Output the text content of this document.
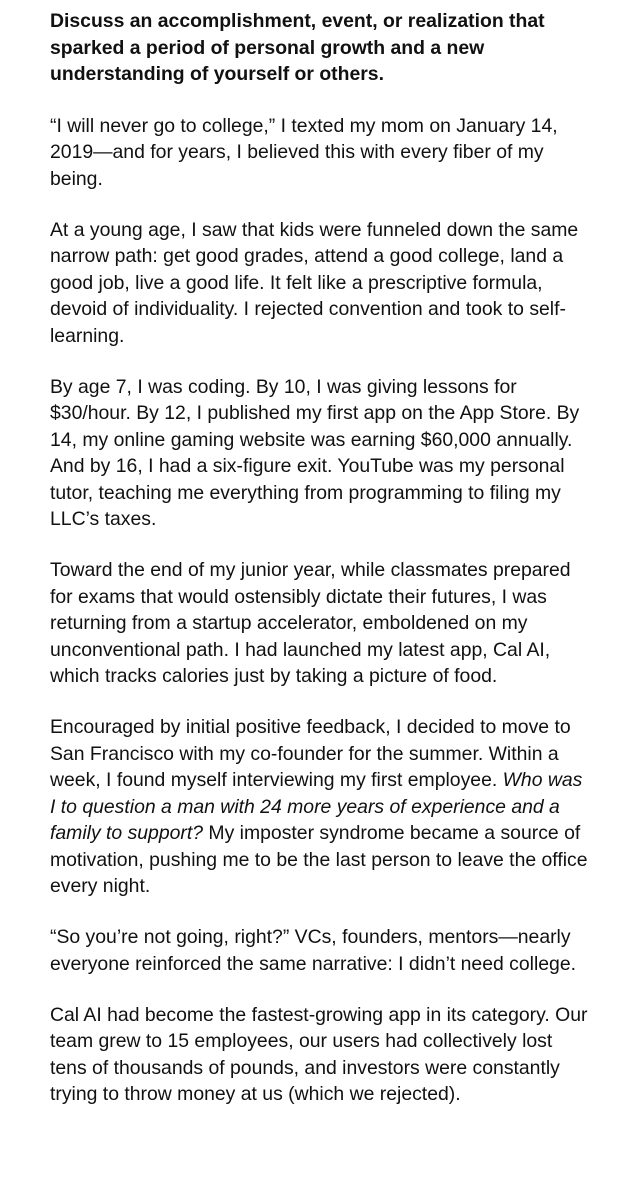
Discuss an accomplishment, event, or realization that sparked a period of personal growth and a new understanding of yourself or others.

“I will never go to college,” I texted my mom on January 14, 2019—and for years, I believed this with every fiber of my being.

At a young age, I saw that kids were funneled down the same narrow path: get good grades, attend a good college, land a good job, live a good life. It felt like a prescriptive formula, devoid of individuality. I rejected convention and took to self-learning.

By age 7, I was coding. By 10, I was giving lessons for $30/hour. By 12, I published my first app on the App Store. By 14, my online gaming website was earning $60,000 annually. And by 16, I had a six-figure exit. YouTube was my personal tutor, teaching me everything from programming to filing my LLC’s taxes.

Toward the end of my junior year, while classmates prepared for exams that would ostensibly dictate their futures, I was returning from a startup accelerator, emboldened on my unconventional path. I had launched my latest app, Cal AI, which tracks calories just by taking a picture of food.

Encouraged by initial positive feedback, I decided to move to San Francisco with my co-founder for the summer. Within a week, I found myself interviewing my first employee. Who was I to question a man with 24 more years of experience and a family to support? My imposter syndrome became a source of motivation, pushing me to be the last person to leave the office every night.

“So you’re not going, right?” VCs, founders, mentors—nearly everyone reinforced the same narrative: I didn’t need college.

Cal AI had become the fastest-growing app in its category. Our team grew to 15 employees, our users had collectively lost tens of thousands of pounds, and investors were constantly trying to throw money at us (which we rejected).
